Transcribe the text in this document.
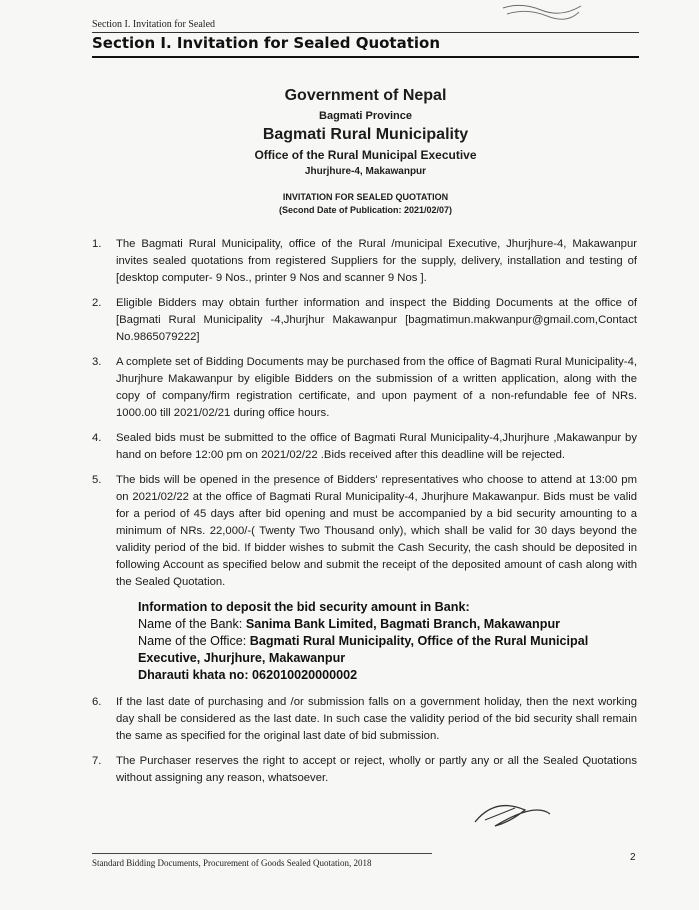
Section I. Invitation for Sealed
Section I. Invitation for Sealed Quotation
Government of Nepal
Bagmati Province
Bagmati Rural Municipality
Office of the Rural Municipal Executive
Jhurjhure-4, Makawanpur
INVITATION FOR SEALED QUOTATION
(Second Date of Publication: 2021/02/07)
1. The Bagmati Rural Municipality, office of the Rural /municipal Executive, Jhurjhure-4, Makawanpur invites sealed quotations from registered Suppliers for the supply, delivery, installation and testing of [desktop computer- 9 Nos., printer 9 Nos and scanner 9 Nos ].
2. Eligible Bidders may obtain further information and inspect the Bidding Documents at the office of [Bagmati Rural Municipality -4,Jhurjhur Makawanpur [bagmatimun.makwanpur@gmail.com,Contact No.9865079222]
3. A complete set of Bidding Documents may be purchased from the office of Bagmati Rural Municipality-4, Jhurjhure Makawanpur by eligible Bidders on the submission of a written application, along with the copy of company/firm registration certificate, and upon payment of a non-refundable fee of NRs. 1000.00 till 2021/02/21 during office hours.
4. Sealed bids must be submitted to the office of Bagmati Rural Municipality-4,Jhurjhure ,Makawanpur by hand on before 12:00 pm on 2021/02/22 .Bids received after this deadline will be rejected.
5. The bids will be opened in the presence of Bidders' representatives who choose to attend at 13:00 pm on 2021/02/22 at the office of Bagmati Rural Municipality-4, Jhurjhure Makawanpur. Bids must be valid for a period of 45 days after bid opening and must be accompanied by a bid security amounting to a minimum of NRs. 22,000/-( Twenty Two Thousand only), which shall be valid for 30 days beyond the validity period of the bid. If bidder wishes to submit the Cash Security, the cash should be deposited in following Account as specified below and submit the receipt of the deposited amount of cash along with the Sealed Quotation.
Information to deposit the bid security amount in Bank:
Name of the Bank: Sanima Bank Limited, Bagmati Branch, Makawanpur
Name of the Office: Bagmati Rural Municipality, Office of the Rural Municipal Executive, Jhurjhure, Makawanpur
Dharauti khata no: 062010020000002
6. If the last date of purchasing and /or submission falls on a government holiday, then the next working day shall be considered as the last date. In such case the validity period of the bid security shall remain the same as specified for the original last date of bid submission.
7. The Purchaser reserves the right to accept or reject, wholly or partly any or all the Sealed Quotations without assigning any reason, whatsoever.
Standard Bidding Documents, Procurement of Goods Sealed Quotation, 2018	2
